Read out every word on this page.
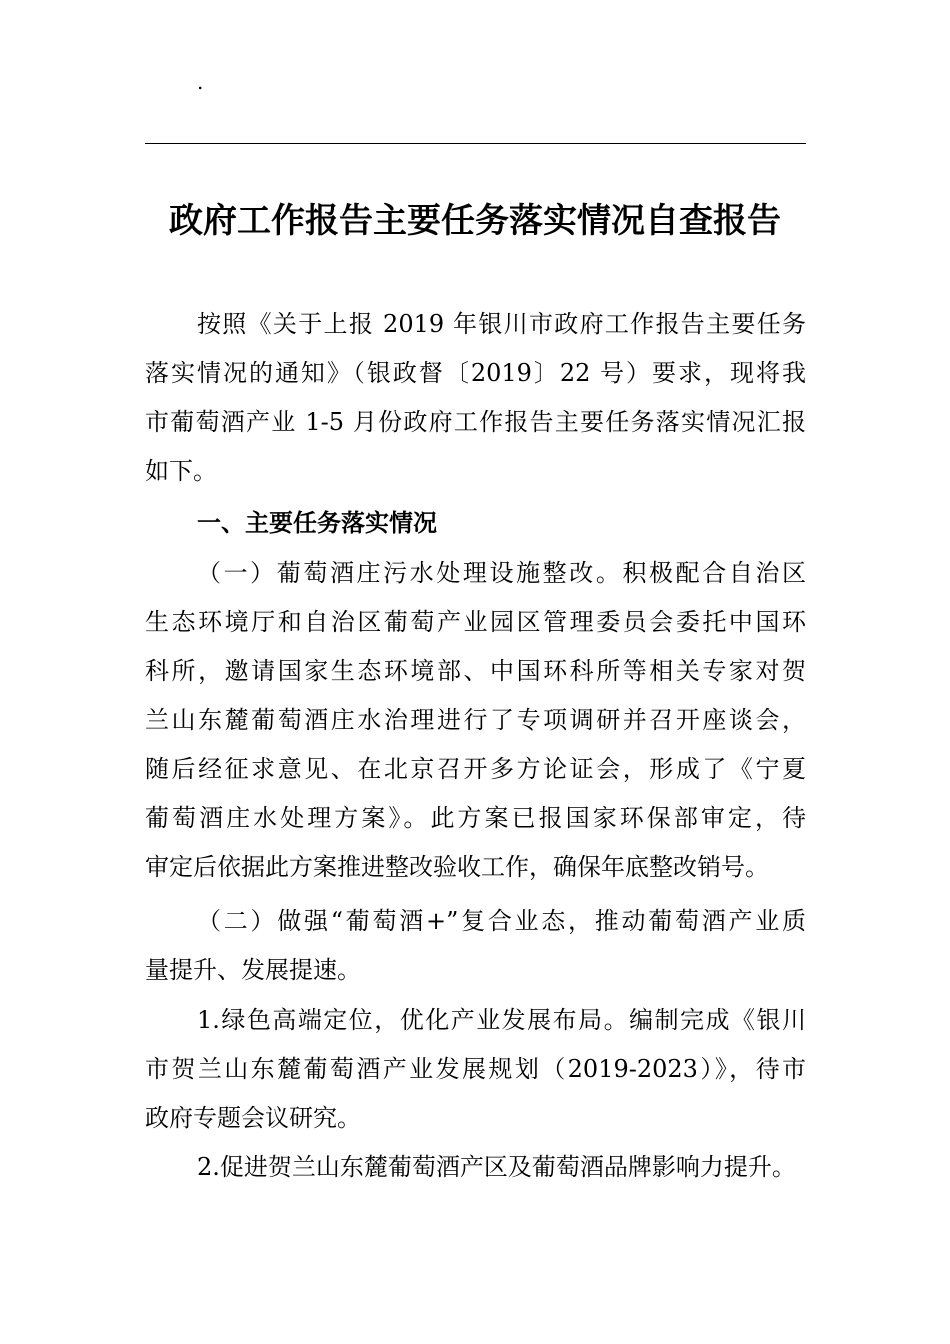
.
政府工作报告主要任务落实情况自查报告
按照《关于上报 2019 年银川市政府工作报告主要任务
落实情况的通知》（银政督〔2019〕22 号）要求，现将我
市葡萄酒产业 1-5 月份政府工作报告主要任务落实情况汇报
如下。
一、主要任务落实情况
（一）葡萄酒庄污水处理设施整改。积极配合自治区
生态环境厅和自治区葡萄产业园区管理委员会委托中国环
科所，邀请国家生态环境部、中国环科所等相关专家对贺
兰山东麓葡萄酒庄水治理进行了专项调研并召开座谈会，
随后经征求意见、在北京召开多方论证会，形成了《宁夏
葡萄酒庄水处理方案》。此方案已报国家环保部审定，待
审定后依据此方案推进整改验收工作，确保年底整改销号。
（二）做强“葡萄酒+”复合业态，推动葡萄酒产业质
量提升、发展提速。
1.绿色高端定位，优化产业发展布局。编制完成《银川
市贺兰山东麓葡萄酒产业发展规划（2019-2023）》，待市
政府专题会议研究。
2.促进贺兰山东麓葡萄酒产区及葡萄酒品牌影响力提升。
